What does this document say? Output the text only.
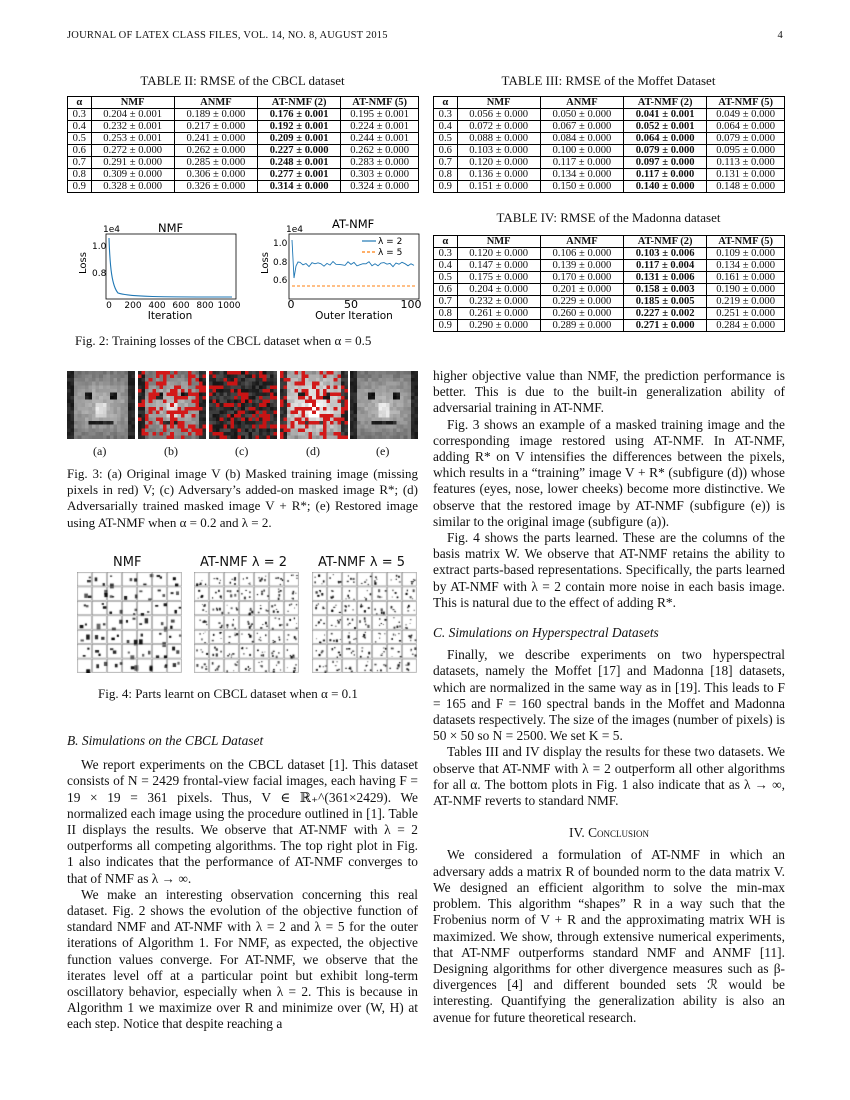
JOURNAL OF LATEX CLASS FILES, VOL. 14, NO. 8, AUGUST 2015	4
TABLE II: RMSE of the CBCL dataset
α	NMF	ANMF	AT-NMF (2)	AT-NMF (5)
0.3	0.204 ± 0.001	0.189 ± 0.000	0.176 ± 0.001	0.195 ± 0.001
0.4	0.232 ± 0.001	0.217 ± 0.000	0.192 ± 0.001	0.224 ± 0.001
0.5	0.253 ± 0.001	0.241 ± 0.000	0.209 ± 0.001	0.244 ± 0.001
0.6	0.272 ± 0.000	0.262 ± 0.000	0.227 ± 0.000	0.262 ± 0.000
0.7	0.291 ± 0.000	0.285 ± 0.000	0.248 ± 0.001	0.283 ± 0.000
0.8	0.309 ± 0.000	0.306 ± 0.000	0.277 ± 0.001	0.303 ± 0.000
0.9	0.328 ± 0.000	0.326 ± 0.000	0.314 ± 0.000	0.324 ± 0.000
TABLE III: RMSE of the Moffet Dataset
α	NMF	ANMF	AT-NMF (2)	AT-NMF (5)
0.3	0.056 ± 0.000	0.050 ± 0.000	0.041 ± 0.001	0.049 ± 0.000
0.4	0.072 ± 0.000	0.067 ± 0.000	0.052 ± 0.001	0.064 ± 0.000
0.5	0.088 ± 0.000	0.084 ± 0.000	0.064 ± 0.000	0.079 ± 0.000
0.6	0.103 ± 0.000	0.100 ± 0.000	0.079 ± 0.000	0.095 ± 0.000
0.7	0.120 ± 0.000	0.117 ± 0.000	0.097 ± 0.000	0.113 ± 0.000
0.8	0.136 ± 0.000	0.134 ± 0.000	0.117 ± 0.000	0.131 ± 0.000
0.9	0.151 ± 0.000	0.150 ± 0.000	0.140 ± 0.000	0.148 ± 0.000
TABLE IV: RMSE of the Madonna dataset
α	NMF	ANMF	AT-NMF (2)	AT-NMF (5)
0.3	0.120 ± 0.000	0.106 ± 0.000	0.103 ± 0.006	0.109 ± 0.000
0.4	0.147 ± 0.000	0.139 ± 0.000	0.117 ± 0.004	0.134 ± 0.000
0.5	0.175 ± 0.000	0.170 ± 0.000	0.131 ± 0.006	0.161 ± 0.000
0.6	0.204 ± 0.000	0.201 ± 0.000	0.158 ± 0.003	0.190 ± 0.000
0.7	0.232 ± 0.000	0.229 ± 0.000	0.185 ± 0.005	0.219 ± 0.000
0.8	0.261 ± 0.000	0.260 ± 0.000	0.227 ± 0.002	0.251 ± 0.000
0.9	0.290 ± 0.000	0.289 ± 0.000	0.271 ± 0.000	0.284 ± 0.000
1e4	NMF
Loss
1.0
0.8
0 200 400 600 800 1000
Iteration
1e4	AT-NMF
Loss
1.0
0.8
0.6
0	50	100
Outer Iteration
λ = 2
λ = 5
Fig. 2: Training losses of the CBCL dataset when α = 0.5
(a)	(b)	(c)	(d)	(e)
Fig. 3: (a) Original image V (b) Masked training image (missing pixels in red) V; (c) Adversary’s added-on masked image R*; (d) Adversarially trained masked image V + R*; (e) Restored image using AT-NMF when α = 0.2 and λ = 2.
NMF	AT-NMF λ = 2 AT-NMF λ = 5
Fig. 4: Parts learnt on CBCL dataset when α = 0.1

B. Simulations on the CBCL Dataset

We report experiments on the CBCL dataset [1]. This dataset consists of N = 2429 frontal-view facial images, each having F = 19 × 19 = 361 pixels. Thus, V ∈ ℝ₊^(361×2429). We normalized each image using the procedure outlined in [1]. Table II displays the results. We observe that AT-NMF with λ = 2 outperforms all competing algorithms. The top right plot in Fig. 1 also indicates that the performance of AT-NMF converges to that of NMF as λ → ∞.

We make an interesting observation concerning this real dataset. Fig. 2 shows the evolution of the objective function of standard NMF and AT-NMF with λ = 2 and λ = 5 for the outer iterations of Algorithm 1. For NMF, as expected, the objective function values converge. For AT-NMF, we observe that the iterates level off at a particular point but exhibit long-term oscillatory behavior, especially when λ = 2. This is because in Algorithm 1 we maximize over R and minimize over (W, H) at each step. Notice that despite reaching a

higher objective value than NMF, the prediction performance is better. This is due to the built-in generalization ability of adversarial training in AT-NMF.

Fig. 3 shows an example of a masked training image and the corresponding image restored using AT-NMF. In AT-NMF, adding R* on V intensifies the differences between the pixels, which results in a “training” image V + R* (subfigure (d)) whose features (eyes, nose, lower cheeks) become more distinctive. We observe that the restored image by AT-NMF (subfigure (e)) is similar to the original image (subfigure (a)).

Fig. 4 shows the parts learned. These are the columns of the basis matrix W. We observe that AT-NMF retains the ability to extract parts-based representations. Specifically, the parts learned by AT-NMF with λ = 2 contain more noise in each basis image. This is natural due to the effect of adding R*.

C. Simulations on Hyperspectral Datasets

Finally, we describe experiments on two hyperspectral datasets, namely the Moffet [17] and Madonna [18] datasets, which are normalized in the same way as in [19]. This leads to F = 165 and F = 160 spectral bands in the Moffet and Madonna datasets respectively. The size of the images (number of pixels) is 50 × 50 so N = 2500. We set K = 5.

Tables III and IV display the results for these two datasets. We observe that AT-NMF with λ = 2 outperform all other algorithms for all α. The bottom plots in Fig. 1 also indicate that as λ → ∞, AT-NMF reverts to standard NMF.

IV. Conclusion

We considered a formulation of AT-NMF in which an adversary adds a matrix R of bounded norm to the data matrix V. We designed an efficient algorithm to solve the min-max problem. This algorithm “shapes” R in a way such that the Frobenius norm of V + R and the approximating matrix WH is maximized. We show, through extensive numerical experiments, that AT-NMF outperforms standard NMF and ANMF [11]. Designing algorithms for other divergence measures such as β-divergences [4] and different bounded sets ℛ would be interesting. Quantifying the generalization ability is also an avenue for future theoretical research.
